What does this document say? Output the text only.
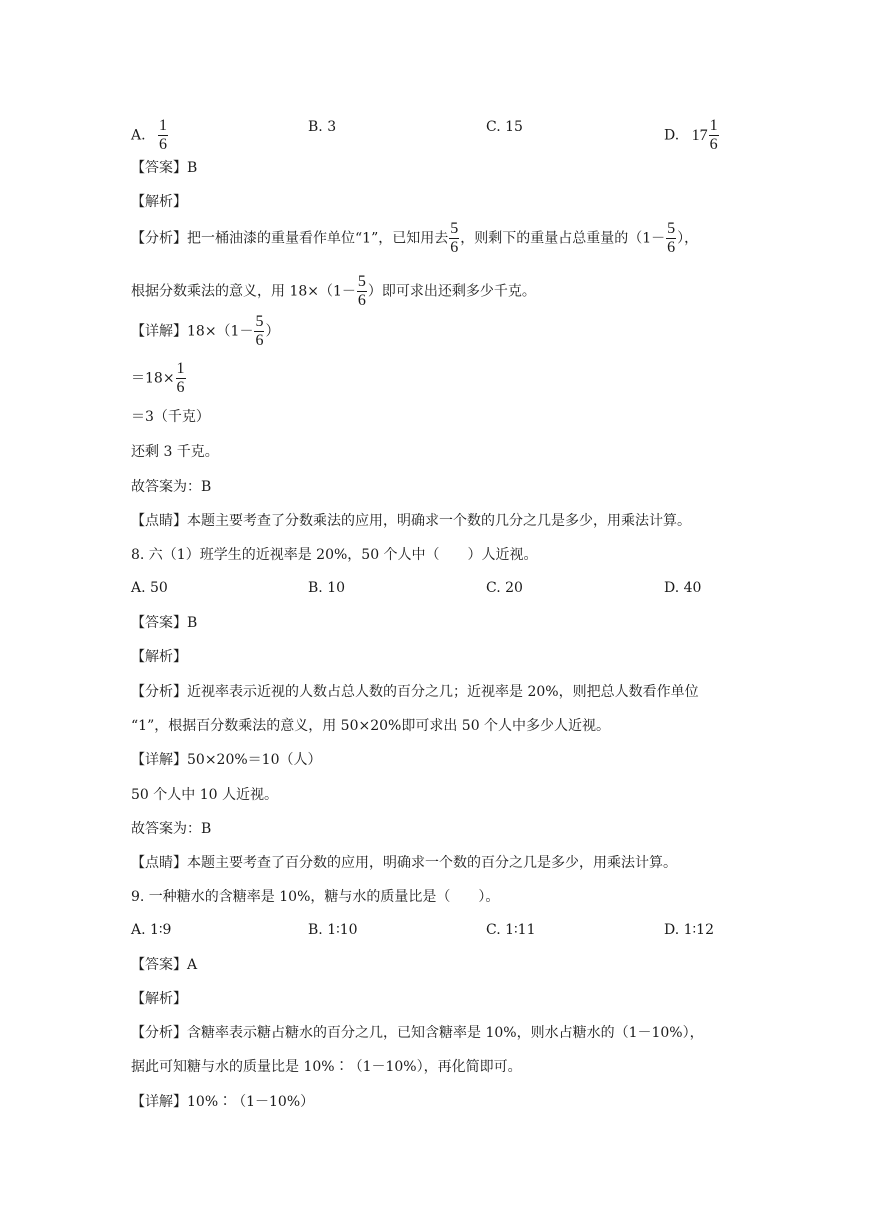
A. $\frac{1}{6}$	B. 3	C. 15
D. $17 \frac{1}{6}$
【答案】B
【解析】
【分析】把一桶油漆的重量看作单位“1”，已知用去 $\frac{5}{6}$ ，则剩下的重量占总重量的（$1- \frac{5}{6}$ ），
根据分数乘法的意义，用 $18\times(1- \frac{5}{6}$ ）即可求出还剩多少千克。
【详解】$18\times(1- \frac{5}{6}$ ）
$=18\times \frac{1}{6}$
＝3（千克）
还剩 3 千克。
故答案为：B
【点睛】本题主要考查了分数乘法的应用，明确求一个数的几分之几是多少，用乘法计算。
8. 六（1）班学生的近视率是 20%，50 个人中（　　）人近视。
A. 50	B. 10	C. 20	D. 40
【答案】B
【解析】
【分析】近视率表示近视的人数占总人数的百分之几；近视率是 20%，则把总人数看作单位
“1”，根据百分数乘法的意义，用 50×20%即可求出 50 个人中多少人近视。
【详解】50×20%＝10（人）
50 个人中 10 人近视。
故答案为：B
【点睛】本题主要考查了百分数的应用，明确求一个数的百分之几是多少，用乘法计算。
9. 一种糖水的含糖率是 10%，糖与水的质量比是（　　）。
A. 1∶9	B. 1∶10	C. 1∶11	D. 1∶12
【答案】A
【解析】
【分析】含糖率表示糖占糖水的百分之几，已知含糖率是 10%，则水占糖水的（1－10%），
据此可知糖与水的质量比是 10%∶（1－10%），再化简即可。
【详解】10%∶（1－10%）
